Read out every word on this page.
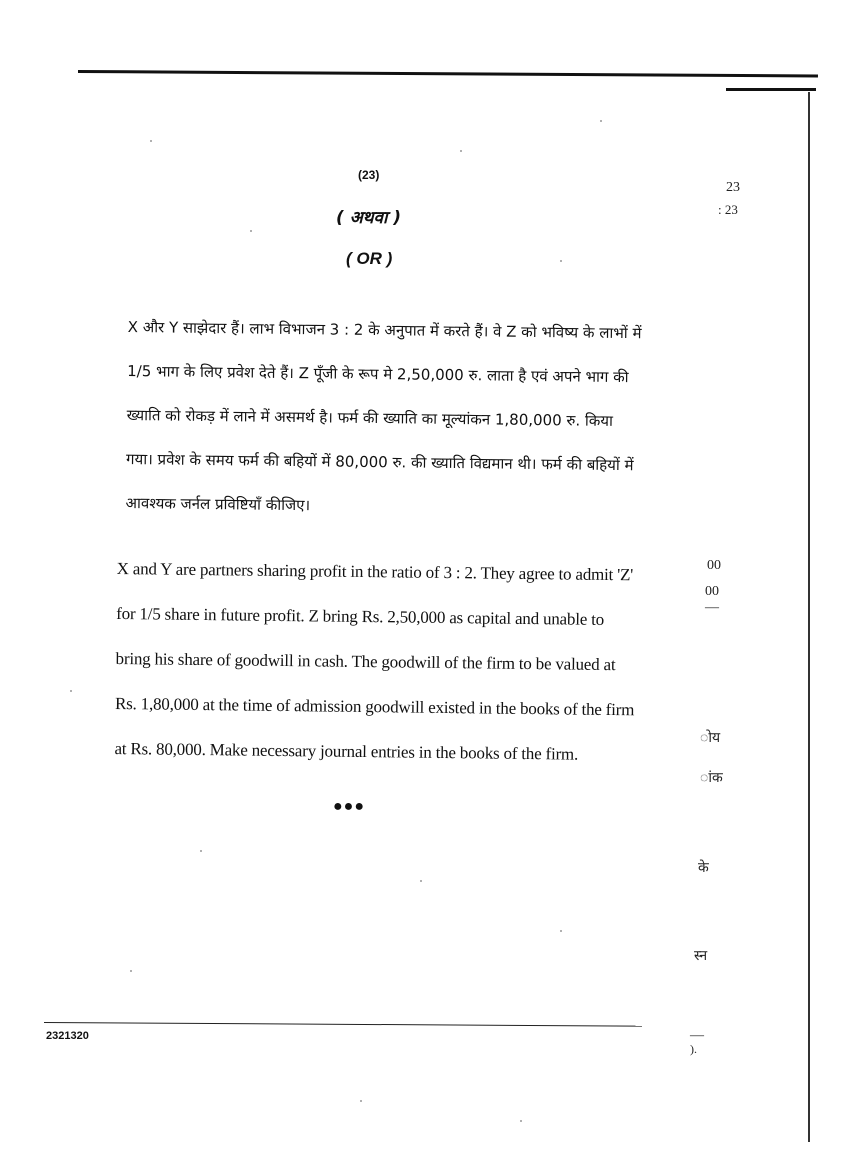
(23)
( अथवा )
( OR )

X और Y साझेदार हैं। लाभ विभाजन 3 : 2 के अनुपात में करते हैं। वे Z को भविष्य के लाभों में
1/5 भाग के लिए प्रवेश देते हैं। Z पूँजी के रूप मे 2,50,000 रु. लाता है एवं अपने भाग की
ख्याति को रोकड़ में लाने में असमर्थ है। फर्म की ख्याति का मूल्यांकन 1,80,000 रु. किया
गया। प्रवेश के समय फर्म की बहियों में 80,000 रु. की ख्याति विद्यमान थी। फर्म की बहियों में
आवश्यक जर्नल प्रविष्टियाँ कीजिए।

X and Y are partners sharing profit in the ratio of 3 : 2. They agree to admit 'Z'
for 1/5 share in future profit. Z bring Rs. 2,50,000 as capital and unable to
bring his share of goodwill in cash. The goodwill of the firm to be valued at
Rs. 1,80,000 at the time of admission goodwill existed in the books of the firm
at Rs. 80,000. Make necessary journal entries in the books of the firm.

●●●
2321320
23
: 23
00
00
—
ोय
ांक
के
स्न
—
).
